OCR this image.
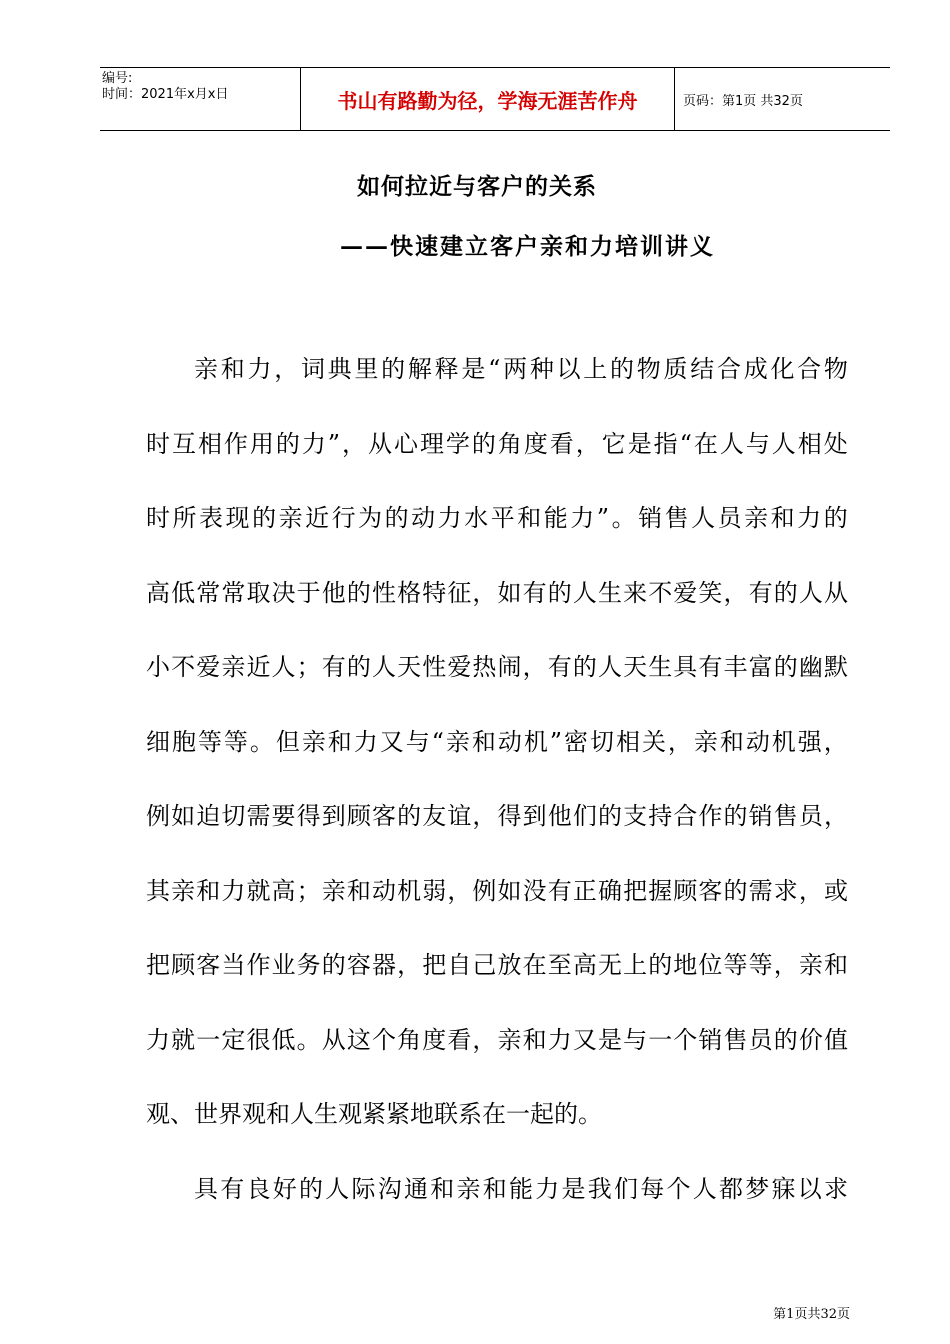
编号:
时间：2021年x月x日	书山有路勤为径，学海无涯苦作舟	页码：第1页 共32页
如何拉近与客户的关系
——快速建立客户亲和力培训讲义
亲 和 力 ， 词 典 里 的 解 释 是 “ 两 种 以 上 的 物 质 结 合 成 化 合 物
时 互 相 作 用 的 力 ” ， 从 心 理 学 的 角 度 看 ， 它 是 指 “ 在 人 与 人 相 处
时 所 表 现 的 亲 近 行 为 的 动 力 水 平 和 能 力 ” 。 销 售 人 员 亲 和 力 的
高 低 常 常 取 决 于 他 的 性 格 特 征 ， 如 有 的 人 生 来 不 爱 笑 ， 有 的 人 从
小 不 爱 亲 近 人 ； 有 的 人 天 性 爱 热 闹 ， 有 的 人 天 生 具 有 丰 富 的 幽 默
细 胞 等 等 。 但 亲 和 力 又 与 “ 亲 和 动 机 ” 密 切 相 关 ， 亲 和 动 机 强 ，
例 如 迫 切 需 要 得 到 顾 客 的 友 谊 ， 得 到 他 们 的 支 持 合 作 的 销 售 员 ，
其 亲 和 力 就 高 ； 亲 和 动 机 弱 ， 例 如 没 有 正 确 把 握 顾 客 的 需 求 ， 或
把 顾 客 当 作 业 务 的 容 器 ， 把 自 己 放 在 至 高 无 上 的 地 位 等 等 ， 亲 和
力 就 一 定 很 低 。 从 这 个 角 度 看 ， 亲 和 力 又 是 与 一 个 销 售 员 的 价 值
观 、 世 界 观 和 人 生 观 紧 紧 地 联 系 在 一 起 的 。
具 有 良 好 的 人 际 沟 通 和 亲 和 能 力 是 我 们 每 个 人 都 梦 寐 以 求
第1页共32页
